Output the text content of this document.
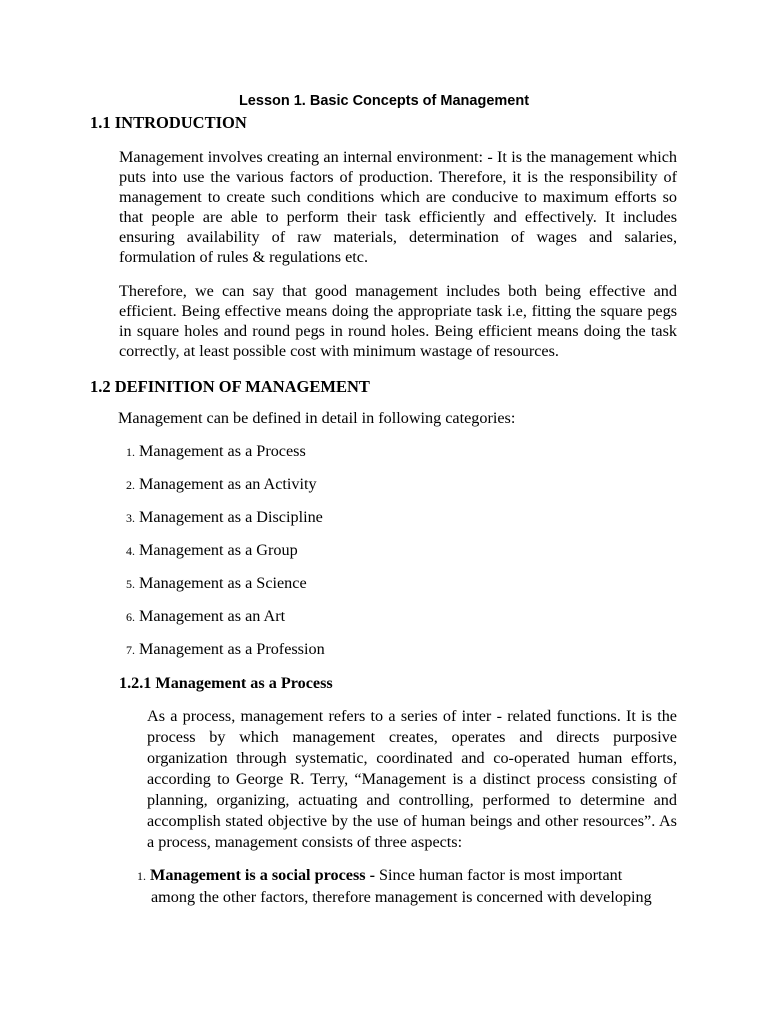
Lesson 1. Basic Concepts of Management
1.1 INTRODUCTION

Management involves creating an internal environment: - It is the management which puts into use the various factors of production. Therefore, it is the responsibility of management to create such conditions which are conducive to maximum efforts so that people are able to perform their task efficiently and effectively. It includes ensuring availability of raw materials, determination of wages and salaries, formulation of rules & regulations etc.

Therefore, we can say that good management includes both being effective and efficient. Being effective means doing the appropriate task i.e, fitting the square pegs in square holes and round pegs in round holes. Being efficient means doing the task correctly, at least possible cost with minimum wastage of resources.

1.2 DEFINITION OF MANAGEMENT

Management can be defined in detail in following categories:

1. Management as a Process
2. Management as an Activity
3. Management as a Discipline
4. Management as a Group
5. Management as a Science
6. Management as an Art
7. Management as a Profession
1.2.1 Management as a Process

As a process, management refers to a series of inter - related functions. It is the process by which management creates, operates and directs purposive organization through systematic, coordinated and co-operated human efforts, according to George R. Terry, “Management is a distinct process consisting of planning, organizing, actuating and controlling, performed to determine and accomplish stated objective by the use of human beings and other resources”. As a process, management consists of three aspects:

1. Management is a social process - Since human factor is most important
among the other factors, therefore management is concerned with developing
